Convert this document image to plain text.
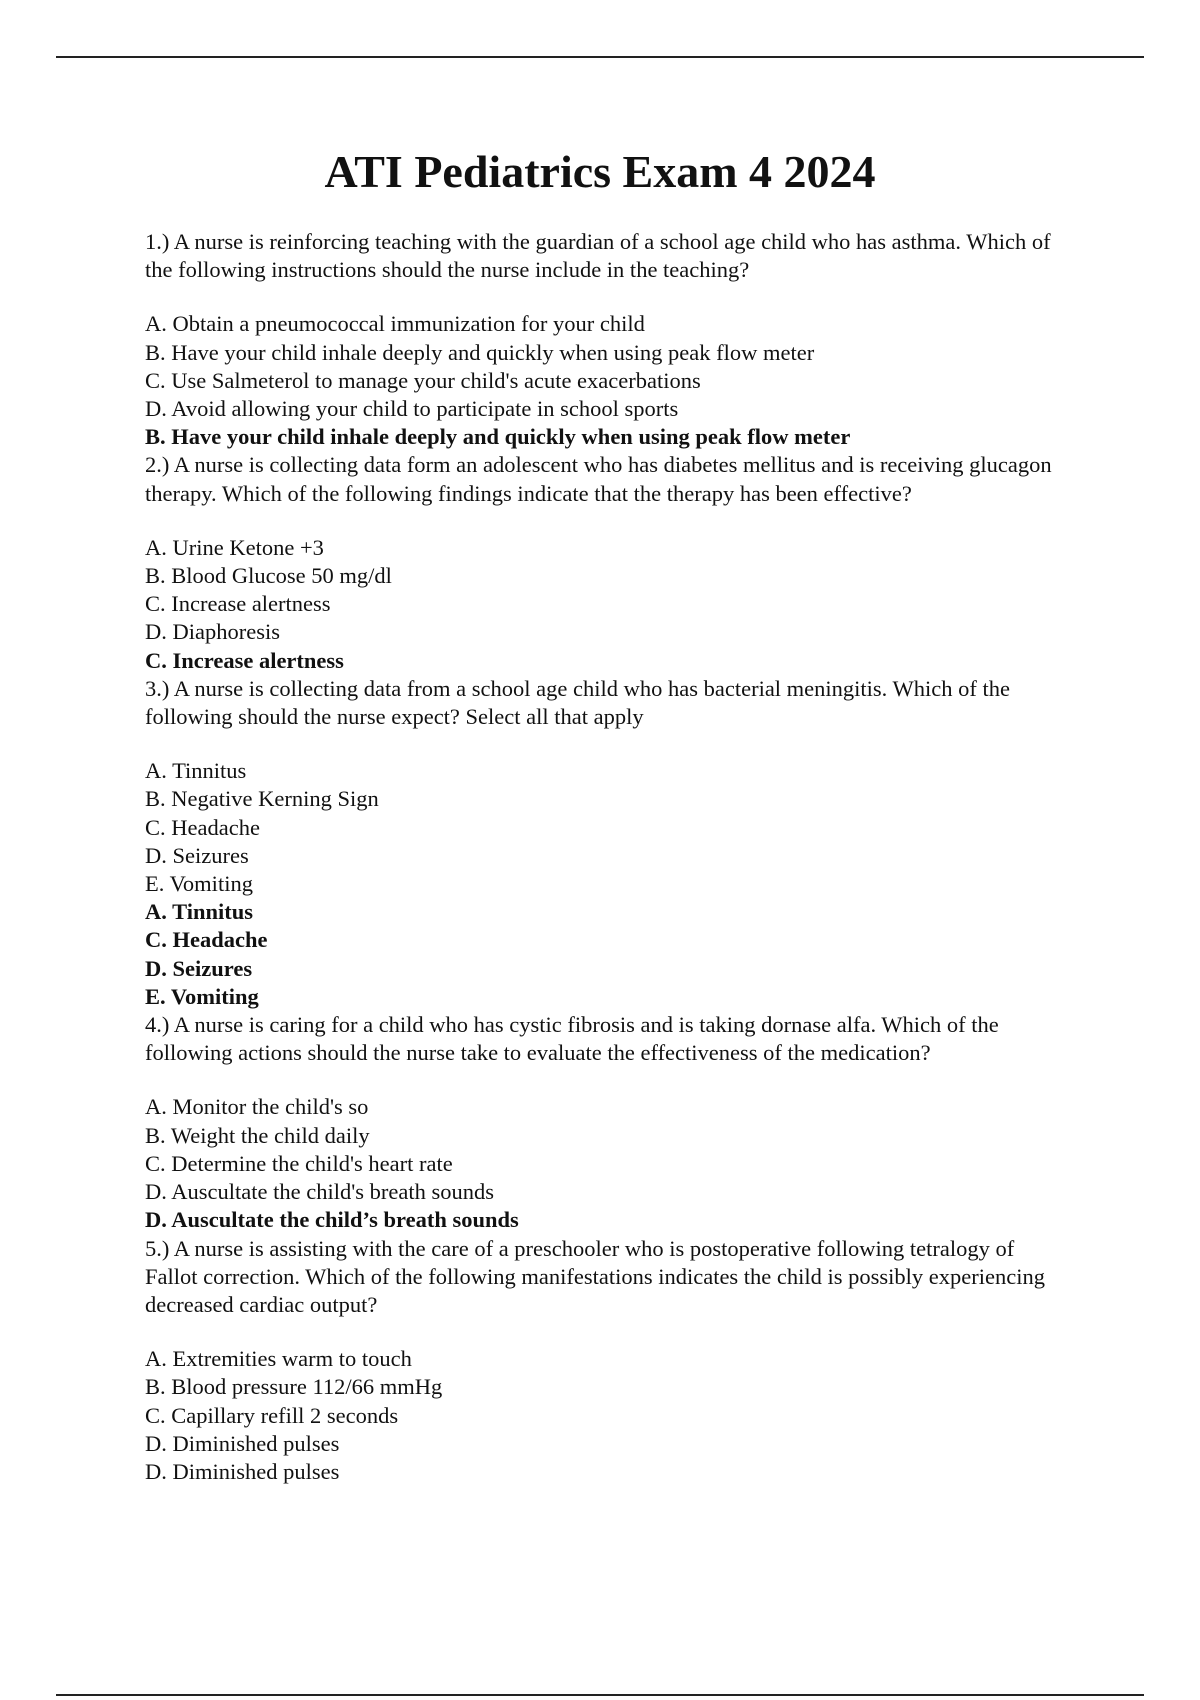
ATI Pediatrics Exam 4 2024

1.) A nurse is reinforcing teaching with the guardian of a school age child who has asthma. Which of the following instructions should the nurse include in the teaching?

A. Obtain a pneumococcal immunization for your child

B. Have your child inhale deeply and quickly when using peak flow meter

C. Use Salmeterol to manage your child's acute exacerbations

D. Avoid allowing your child to participate in school sports

B. Have your child inhale deeply and quickly when using peak flow meter

2.) A nurse is collecting data form an adolescent who has diabetes mellitus and is receiving glucagon therapy. Which of the following findings indicate that the therapy has been effective?

A. Urine Ketone +3

B. Blood Glucose 50 mg/dl

C. Increase alertness

D. Diaphoresis

C. Increase alertness

3.) A nurse is collecting data from a school age child who has bacterial meningitis. Which of the following should the nurse expect? Select all that apply

A. Tinnitus

B. Negative Kerning Sign

C. Headache

D. Seizures

E. Vomiting

A. Tinnitus

C. Headache

D. Seizures

E. Vomiting

4.) A nurse is caring for a child who has cystic fibrosis and is taking dornase alfa. Which of the following actions should the nurse take to evaluate the effectiveness of the medication?

A. Monitor the child's so

B. Weight the child daily

C. Determine the child's heart rate

D. Auscultate the child's breath sounds

D. Auscultate the child’s breath sounds

5.) A nurse is assisting with the care of a preschooler who is postoperative following tetralogy of Fallot correction. Which of the following manifestations indicates the child is possibly experiencing decreased cardiac output?

A. Extremities warm to touch

B. Blood pressure 112/66 mmHg

C. Capillary refill 2 seconds

D. Diminished pulses

D. Diminished pulses
